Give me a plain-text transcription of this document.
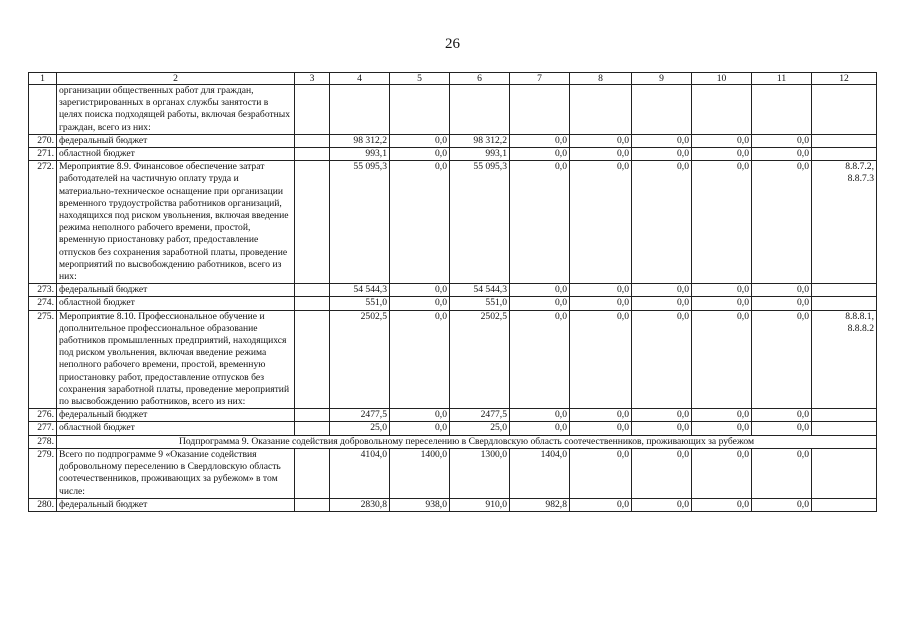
26
1	2	3	4	5	6	7	8	9	10	11	12
	организации общественных работ для граждан, зарегистрированных в органах службы занятости в целях поиска подходящей работы, включая безработных граждан, всего из них:										
270.	федеральный бюджет		98 312,2	0,0	98 312,2	0,0	0,0	0,0	0,0	0,0	
271.	областной бюджет		993,1	0,0	993,1	0,0	0,0	0,0	0,0	0,0	
272.	Мероприятие 8.9. Финансовое обеспечение затрат работодателей на частичную оплату труда и материально-техническое оснащение при организации временного трудоустройства работников организаций, находящихся под риском увольнения, включая введение режима неполного рабочего времени, простой, временную приостановку работ, предоставление отпусков без сохранения заработной платы, проведение мероприятий по высвобождению работников, всего из них:		55 095,3	0,0	55 095,3	0,0	0,0	0,0	0,0	0,0	8.8.7.2,
8.8.7.3
273.	федеральный бюджет		54 544,3	0,0	54 544,3	0,0	0,0	0,0	0,0	0,0	
274.	областной бюджет		551,0	0,0	551,0	0,0	0,0	0,0	0,0	0,0	
275.	Мероприятие 8.10. Профессиональное обучение и дополнительное профессиональное образование работников промышленных предприятий, находящихся под риском увольнения, включая введение режима неполного рабочего времени, простой, временную приостановку работ, предоставление отпусков без сохранения заработной платы, проведение мероприятий по высвобождению работников, всего из них:		2502,5	0,0	2502,5	0,0	0,0	0,0	0,0	0,0	8.8.8.1,
8.8.8.2
276.	федеральный бюджет		2477,5	0,0	2477,5	0,0	0,0	0,0	0,0	0,0	
277.	областной бюджет		25,0	0,0	25,0	0,0	0,0	0,0	0,0	0,0	
278.	Подпрограмма 9. Оказание содействия добровольному переселению в Свердловскую область соотечественников, проживающих за рубежом										
279.	Всего по подпрограмме 9 «Оказание содействия добровольному переселению в Свердловскую область соотечественников, проживающих за рубежом» в том числе:		4104,0	1400,0	1300,0	1404,0	0,0	0,0	0,0	0,0	
280.	федеральный бюджет		2830,8	938,0	910,0	982,8	0,0	0,0	0,0	0,0	
